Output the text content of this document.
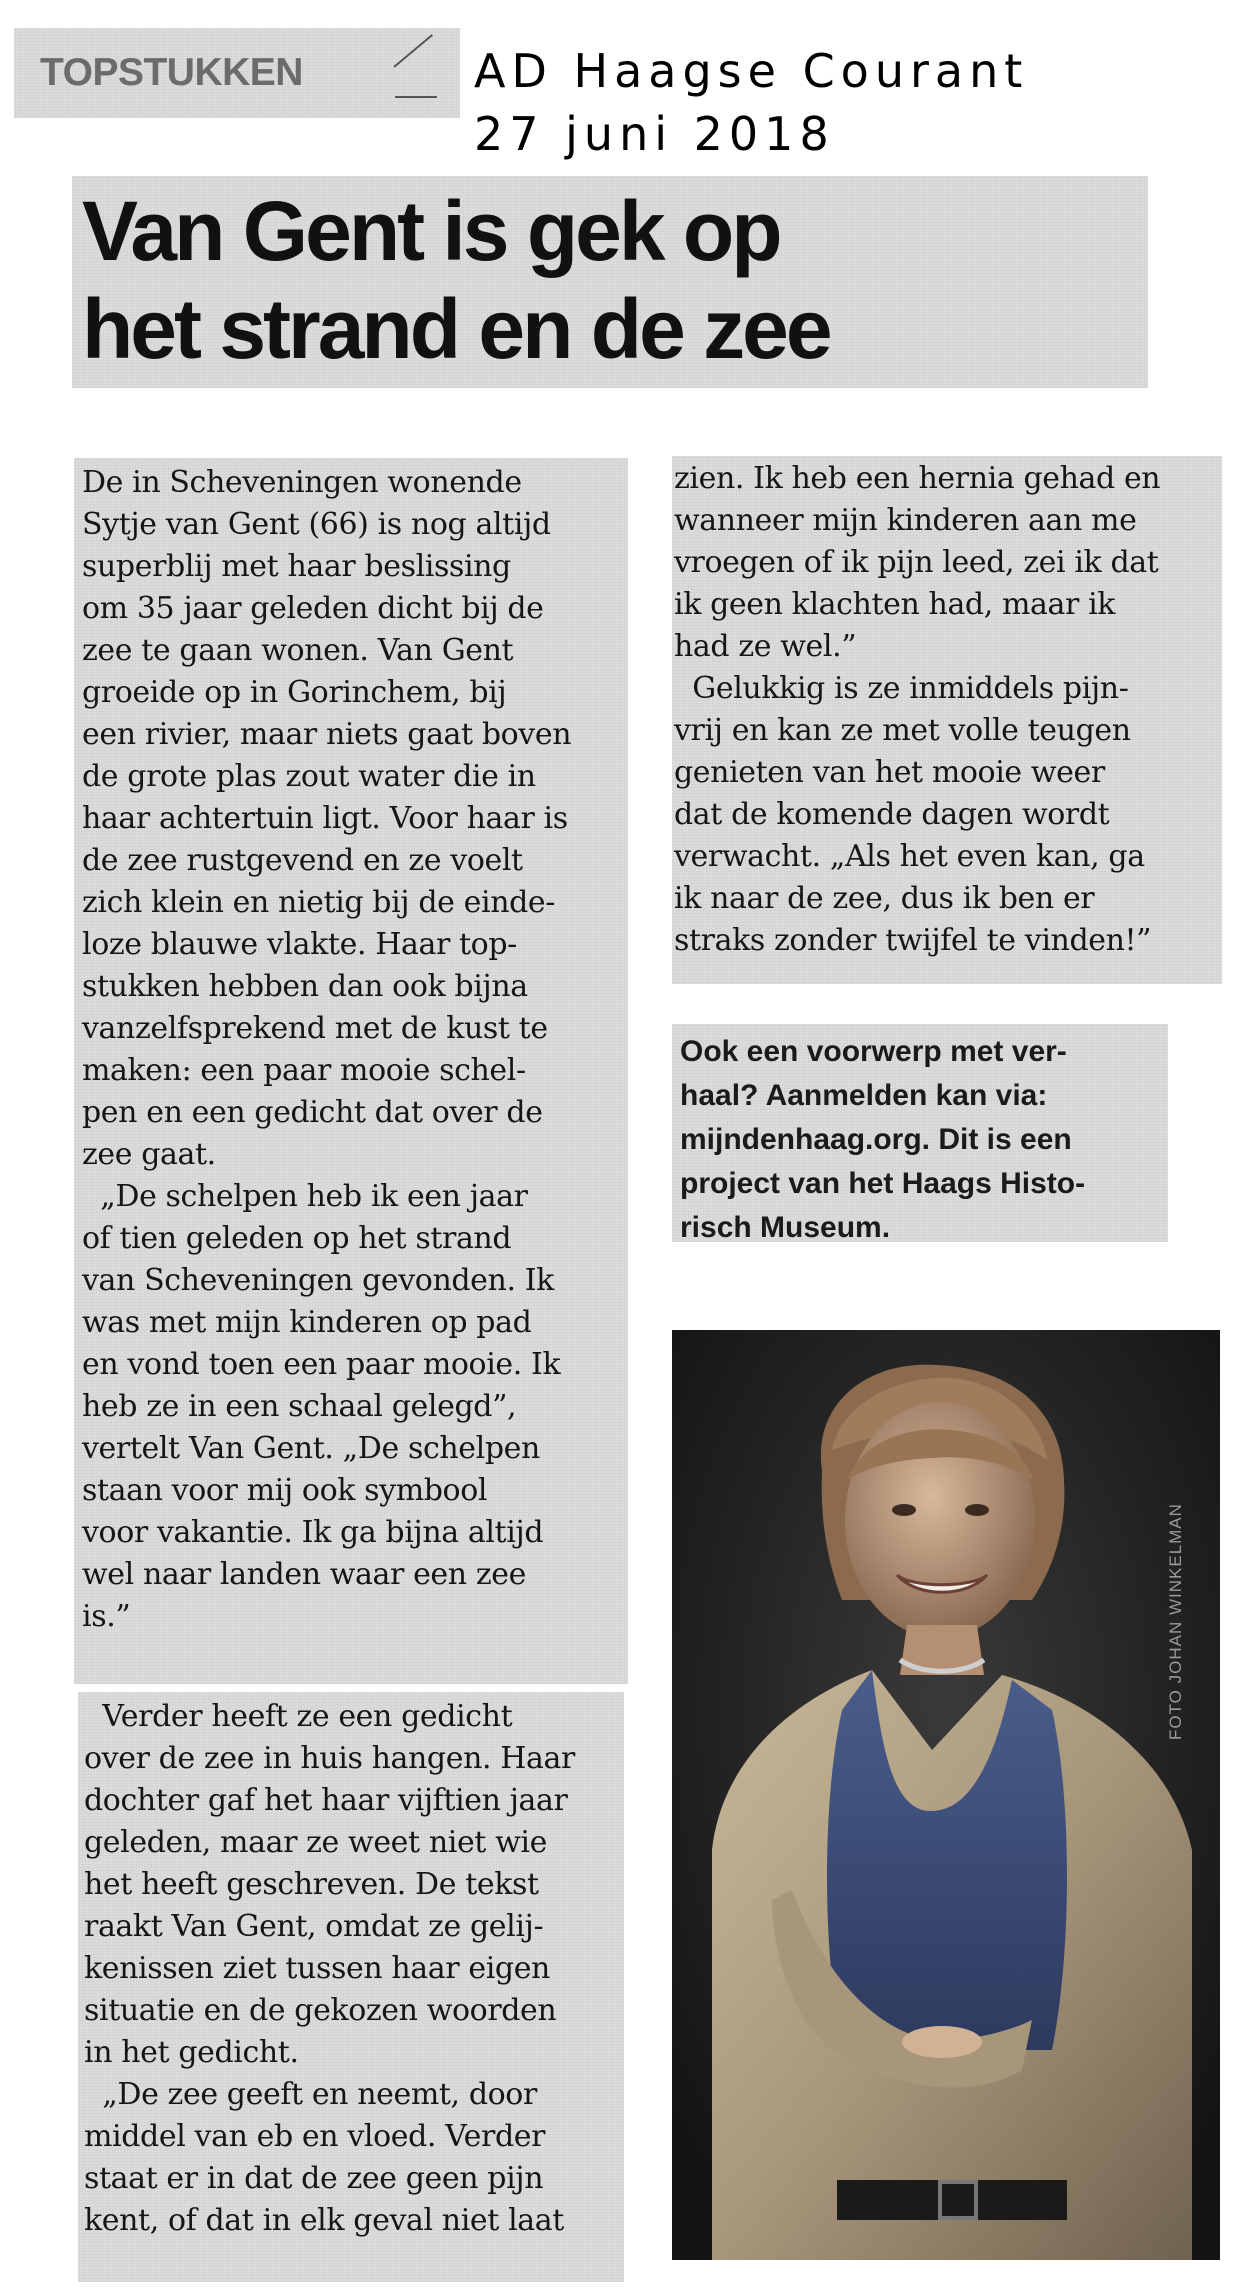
TOPSTUKKEN	AD Haagse Courant
27 juni 2018
Van Gent is gek op
het strand en de zee
De in Scheveningen wonende
Sytje van Gent (66) is nog altijd
superblij met haar beslissing
om 35 jaar geleden dicht bij de
zee te gaan wonen. Van Gent
groeide op in Gorinchem, bij
een rivier, maar niets gaat boven
de grote plas zout water die in
haar achtertuin ligt. Voor haar is
de zee rustgevend en ze voelt
zich klein en nietig bij de einde-
loze blauwe vlakte. Haar top-
stukken hebben dan ook bijna
vanzelfsprekend met de kust te
maken: een paar mooie schel-
pen en een gedicht dat over de
zee gaat.
„De schelpen heb ik een jaar
of tien geleden op het strand
van Scheveningen gevonden. Ik
was met mijn kinderen op pad
en vond toen een paar mooie. Ik
heb ze in een schaal gelegd”,
vertelt Van Gent. „De schelpen
staan voor mij ook symbool
voor vakantie. Ik ga bijna altijd
wel naar landen waar een zee
is.”
Verder heeft ze een gedicht
over de zee in huis hangen. Haar
dochter gaf het haar vijftien jaar
geleden, maar ze weet niet wie
het heeft geschreven. De tekst
raakt Van Gent, omdat ze gelij-
kenissen ziet tussen haar eigen
situatie en de gekozen woorden
in het gedicht.
„De zee geeft en neemt, door
middel van eb en vloed. Verder
staat er in dat de zee geen pijn
kent, of dat in elk geval niet laat
zien. Ik heb een hernia gehad en
wanneer mijn kinderen aan me
vroegen of ik pijn leed, zei ik dat
ik geen klachten had, maar ik
had ze wel.”
Gelukkig is ze inmiddels pijn-
vrij en kan ze met volle teugen
genieten van het mooie weer
dat de komende dagen wordt
verwacht. „Als het even kan, ga
ik naar de zee, dus ik ben er
straks zonder twijfel te vinden!”
Ook een voorwerp met ver-
haal? Aanmelden kan via:
mijndenhaag.org. Dit is een
project van het Haags Histo-
risch Museum.
FOTO JOHAN WINKELMAN
